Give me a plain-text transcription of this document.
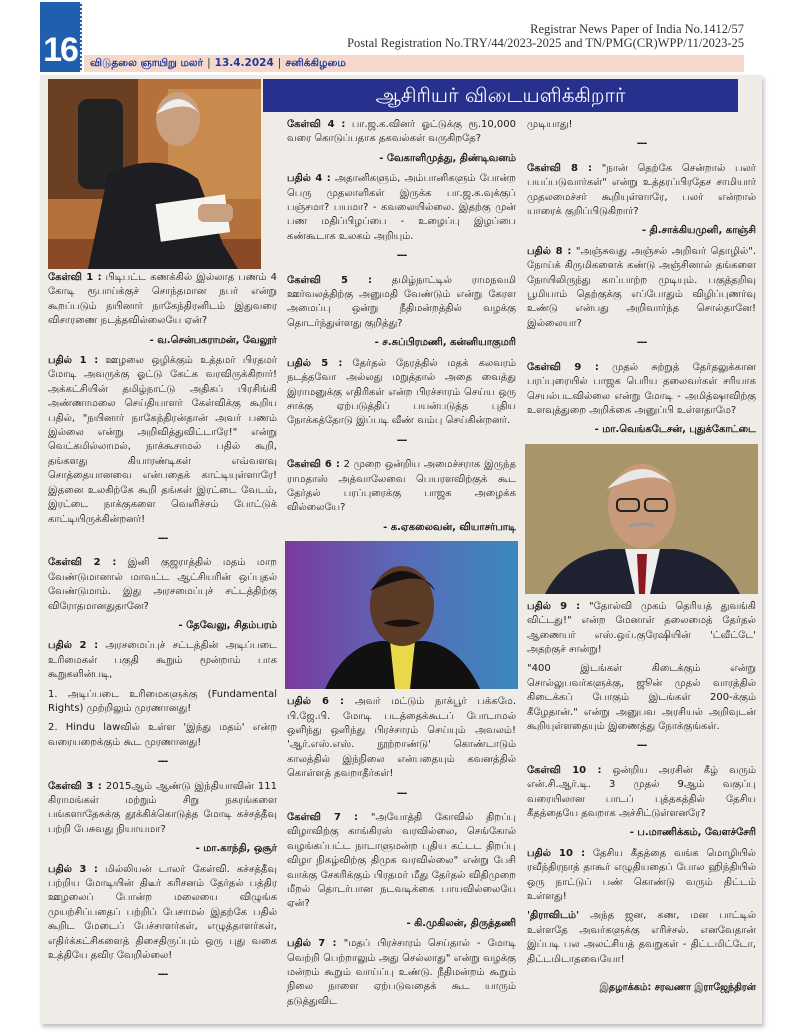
16
Registrar News Paper of India No.1412/57
Postal Registration No.TRY/44/2023-2025 and TN/PMG(CR)WPP/11/2023-25
விடுதலை ஞாயிறு மலர் | 13.4.2024 | சனிக்கிழமை
ஆசிரியர் விடையளிக்கிறார்
கேள்வி 1 : பிடிபட்ட கணக்கில் இல்லாத பணம் 4 கோடி ரூபாய்க்குச் சொந்தமான நபர் என்று கூறப்படும் நயினார் நாகேந்திரனிடம் இதுவரை விசாரணை நடத்தவில்லையே ஏன்?
- வ.சென்பகராமன், வேலூர்
பதில் 1 : ஊழலை ஒழிக்கும் உத்தமர் பிரதமர் மோடி அவருக்கு ஓட்டு கேட்க வரவிருக்கிறார்! அக்கட்சியின் தமிழ்நாட்டு அதிகப் பிரசிங்கி அண்ணாமலை செய்தியாளர் கேள்விக்கு கூறிய பதில், "நயினார் நாகேந்திரன்தான் அவர் பணம் இல்லை என்று அறிவித்துவிட்டாரே!" என்று வெட்கமில்லாமல், நாக்கூசாமல் பதில் கூறி, தங்களது கியாரண்டிகள் எவ்வளவு சொத்தையானவை என்பதைக் காட்டியுள்ளாரே! இதனை உலகிற்கே கூறி தங்கள் இரட்டை வேடம், இரட்டை நாக்குகளை வெளிச்சம் போட்டுக் காட்டியிருக்கின்றனர்!
---
கேள்வி 2 : இனி குஜராத்தில் மதம் மாற வேண்டுமானால் மாவட்ட ஆட்சியரின் ஒப்புதல் வேண்டுமாம். இது அரசமைப்புச் சட்டத்திற்கு விரோதமானதுதானே?
- தேவேலு, சிதம்பரம்
பதில் 2 : அரசமைப்புச் சட்டத்தின் அடிப்படை உரிமைகள் பகுதி கூறும் மூன்றாம் பாக கூறுகளின்படி,
1. அடிப்படை உரிமைகளுக்கு (Fundamental Rights) முற்றிலும் முரணானது!
2. Hindu lawவில் உள்ள 'இந்து மதம்' என்ற வரையறைக்கும் கூட முரணானது!
---
கேள்வி 3 : 2015ஆம் ஆண்டு இந்தியாவின் 111 கிராமங்கள் மற்றும் சிறு நகரங்களை பங்களாதேசுக்கு தூக்கிக்கொடுத்த மோடி கச்சத்தீவு பற்றி பேசுவது நியாயமா?
- மா.காந்தி, ஒசூர்
பதில் 3 : மில்லியன் டாலர் கேள்வி. கச்சத்தீவு பற்றிய மோடியின் திடீர் கரிசனம் தேர்தல் பத்திர ஊழலைப் போன்ற மலையை விழுங்க முயற்சிப்பதைப் பற்றிப் பேசாமல் இதற்கே பதில் கூறிட மேடைப் பேச்சாளர்கள், எழுத்தாளர்கள், எதிர்க்கட்சிகளைத் திசைதிருப்பும் ஒரு புது வகை உத்தியே தவிர வேறில்லை!
---
கேள்வி 4 : பா.ஜ.க.வினர் ஓட்டுக்கு ரூ.10,000 வரை கொடுப்பதாக தகவல்கள் வருகிறதே?
- வேகாளிமுத்து, திண்டிவனம்
பதில் 4 : அதானிகளும், அம்பானிகளும் போன்ற பெரு முதலாளிகள் இருக்க பா.ஜ.க.வுக்குப் பஞ்சமா? பயமா? - கவலையில்லை. இதற்கு முன் பண மதிப்பிழப்பை - உழைப்பு இழப்பை கண்கூடாக உலகம் அறியும்.
---
கேள்வி 5 : தமிழ்நாட்டில் ராமநவமி ஊர்வலத்திற்கு அனுமதி வேண்டும் என்று கேரள அமைப்பு ஒன்று நீதிமன்றத்தில் வழக்கு தொடர்ந்துள்ளது குறித்து?
- ச.சுப்பிரமணி, கன்னியாகுமரி
பதில் 5 : தேர்தல் நேரத்தில் மதக் கலவரம் நடத்தவோ அல்லது மறுத்தால் அதை வைத்து இராமனுக்கு எதிரிகள் என்ற பிரச்சாரம் செய்ய ஒரு சாக்கு ஏற்படுத்திப் பயன்படுத்த புதிய நோக்கத்தோடு இப்படி வீண் வம்பு செய்கின்றனர்.
---
கேள்வி 6 : 2 முறை ஒன்றிய அமைச்சராக இருந்த ராமதாஸ் அத்வாலேவை பெயரளவிற்குக் கூட தேர்தல் பரப்புரைக்கு பாஜக அழைக்க வில்லையே?
- க.ஏகலைவன், வியாசர்பாடி
பதில் 6 : அவர் மட்டும் நாக்பூர் பக்கமே. பி.ஜே.பி. மோடி படத்தைக்கூடப் போடாமல் ஒளிந்து ஒளிந்து பிரச்சாரம் செய்யும் அவலம்! 'ஆர்.எஸ்.எஸ். நூற்றாண்டு' கொண்டாடும் காலத்தில் இந்நிலை என்பதையும் கவனத்தில் கொள்ளத் தவறாதீர்கள்!
---
கேள்வி 7 : "அயோத்தி கோவில் திறப்பு விழாவிற்கு காங்கிரஸ் வரவில்லை, செங்கோல் வழங்கப்பட்ட நாடாளுமன்ற புதிய கட்டட திறப்பு விழா நிகழ்விற்கு திமுக வரவில்லை" என்று பேசி வாக்கு சேகரிக்கும் பிரதமர் மீது தேர்தல் விதிமுறை மீறல் தொடர்பான நடவடிக்கை பாயவில்லையே ஏன்?
- கி.முகிலன், திருத்தணி
பதில் 7 : "மதப் பிரச்சாரம் செய்தால் - மோடி வெற்றி பெற்றாலும் அது செல்லாது" என்று வழக்கு மன்றம் கூறும் வாய்ப்பு உண்டு. நீதிமன்றம் கூறும் நிலை நாளை ஏற்படுவதைக் கூட யாரும் தடுத்துவிட
முடியாது!
---
கேள்வி 8 : "நான் தெற்கே சென்றால் பலர் பயப்படுவார்கள்" என்று உத்தரப்பிரதேச சாமியார் முதலமைச்சர் கூறியுள்ளாரே, பலர் என்றால் யாரைக் குறிப்பிடுகிறார்?
- தி.சாக்கியமுனி, காஞ்சி
பதில் 8 : "அஞ்சுவது அஞ்சல் அறிவர் தொழில்". நோய்க் கிருமிகளைக் கண்டு அஞ்சினால் தங்களை நோயிலிருந்து காப்பாற்ற முடியும். பகுத்தறிவு பூமியாம் தெற்குக்கு எப்போதும் விழிப்புணர்வு உண்டு என்பது அறிவார்ந்த சொல்தானே! இல்லையா?
---
கேள்வி 9 : முதல் சுற்றுத் தேர்தலுக்கான பரப்புரையில் பாஜக பெரிய தலைவர்கள் சரியாக செயல்படவில்லை என்று மோடி - அமித்ஷாவிற்கு உளவுத்துறை அறிக்கை அனுப்பி உள்ளதாமே?
- மா.வெங்கடேசன், புதுக்கோட்டை
பதில் 9 : "தோல்வி முகம் தெரியத் துவங்கி விட்டது!" என்ற மேனாள் தலைமைத் தேர்தல் ஆணையர் எஸ்.ஒய்.குரேஷியின் 'ட்வீட்டே' அதற்குச் சான்று!
"400 இடங்கள் கிடைக்கும் என்று சொல்லுபவர்களுக்கு, ஜூன் முதல் வாரத்தில் கிடைக்கப் போகும் இடங்கள் 200-க்கும் கீழேதான்." என்று அனுபவ அரசியல் அறிவுடன் கூறியுள்ளதையும் இணைத்து நோக்குங்கள்.
---
கேள்வி 10 : ஒன்றிய அரசின் கீழ் வரும் என்.சி.ஆர்.டி. 3 முதல் 9ஆம் வகுப்பு வரையிலான பாடப் புத்தகத்தில் தேசிய கீதத்தையே தவறாக அச்சிட்டுள்ளனரே?
- ப.மாணிக்கம், வேளச்சேரி
பதில் 10 : தேசிய கீதத்தை வங்க மொழியில் ரவீந்திரநாத் தாகூர் எழுதியதைப் போல ஹிந்தியில் ஒரு நாட்டுப் பண் கொண்டு வரும் திட்டம் உள்ளது!
'திராவிடம்' அந்த ஜன, கண, மன பாட்டில் உள்ளதே அவர்களுக்கு எரிச்சல். எனவேதான் இப்படி பல அலட்சியத் தவறுகள் - திட்டமிட்டோ, திட்டமிடாதவையோ!
இதழாக்கம்: சரவணா இராஜேந்திரன்
